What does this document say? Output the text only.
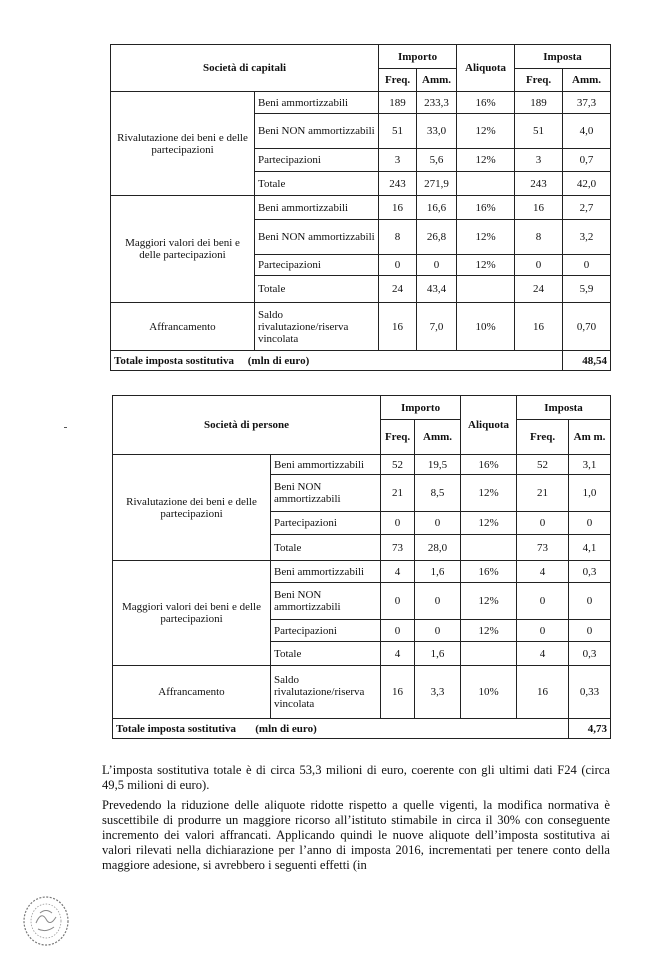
Società di capitali		Importo		Aliquota	Imposta	
		Freq.	Amm.		Freq.	Amm.
Rivalutazione dei beni e delle partecipazioni	Beni ammortizzabili	189	233,3	16%	189	37,3
	Beni NON ammortizzabili	51	33,0	12%	51	4,0
	Partecipazioni	3	5,6	12%	3	0,7
	Totale	243	271,9		243	42,0
Maggiori valori dei beni e delle partecipazioni	Beni ammortizzabili	16	16,6	16%	16	2,7
	Beni NON ammortizzabili	8	26,8	12%	8	3,2
	Partecipazioni	0	0	12%	0	0
	Totale	24	43,4		24	5,9
Affrancamento	Saldo rivalutazione/riserva vincolata	16	7,0	10%	16	0,70
Totale imposta sostitutiva (mln di euro)						48,54
Società di persone		Importo		Aliquota	Imposta	
		Freq.	Amm.		Freq.	Am m.
Rivalutazione dei beni e delle partecipazioni	Beni ammortizzabili	52	19,5	16%	52	3,1
	Beni NON ammortizzabili	21	8,5	12%	21	1,0
	Partecipazioni	0	0	12%	0	0
	Totale	73	28,0		73	4,1
Maggiori valori dei beni e delle partecipazioni	Beni ammortizzabili	4	1,6	16%	4	0,3
	Beni NON ammortizzabili	0	0	12%	0	0
	Partecipazioni	0	0	12%	0	0
	Totale	4	1,6		4	0,3
Affrancamento	Saldo rivalutazione/riserva vincolata	16	3,3	10%	16	0,33
Totale imposta sostitutiva (mln di euro)						4,73

L’imposta sostitutiva totale è di circa 53,3 milioni di euro, coerente con gli ultimi dati F24 (circa 49,5 milioni di euro).

Prevedendo la riduzione delle aliquote ridotte rispetto a quelle vigenti, la modifica normativa è suscettibile di produrre un maggiore ricorso all’istituto stimabile in circa il 30% con conseguente incremento dei valori affrancati. Applicando quindi le nuove aliquote dell’imposta sostitutiva ai valori rilevati nella dichiarazione per l’anno di imposta 2016, incrementati per tenere conto della maggiore adesione, si avrebbero i seguenti effetti (in
